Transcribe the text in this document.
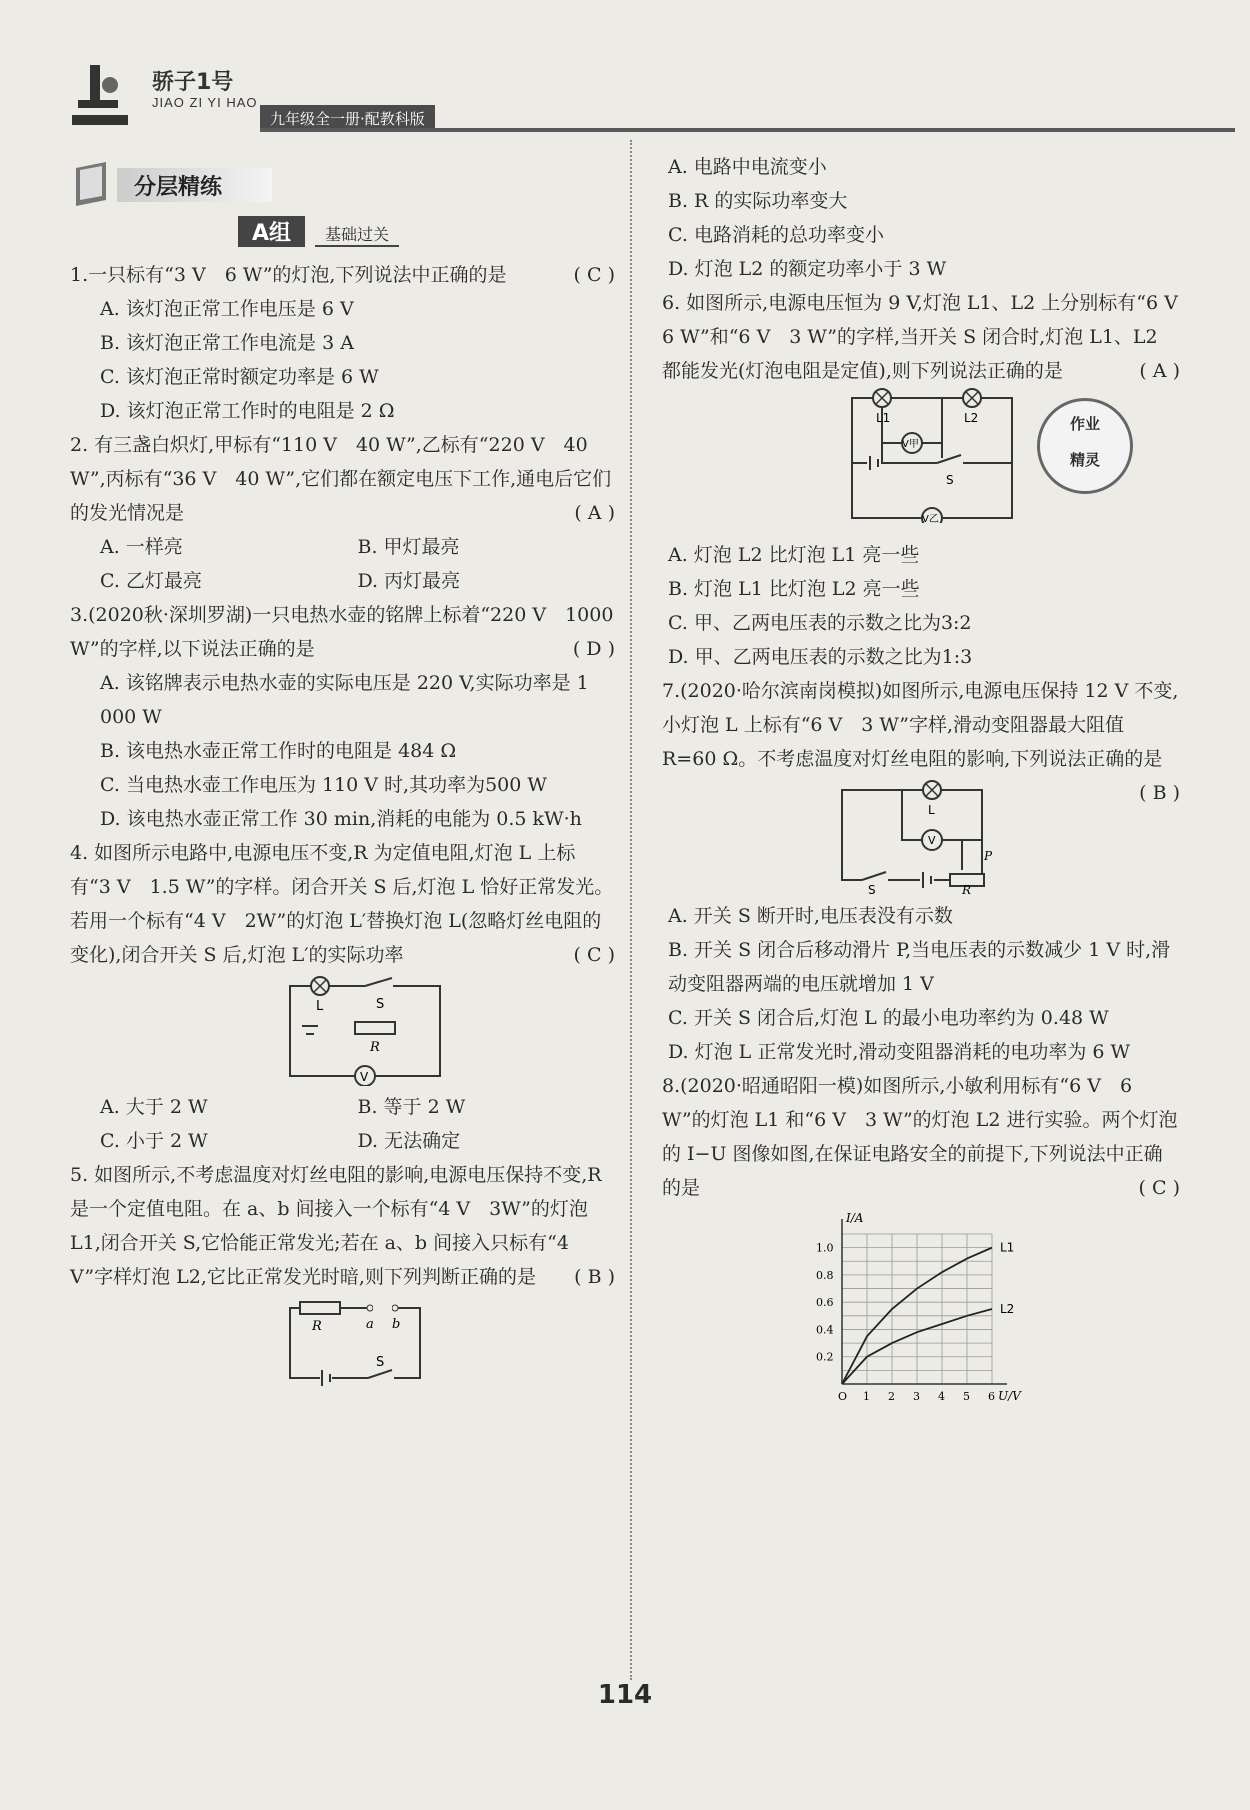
骄子1号
JIAO ZI YI HAO
九年级全一册·配教科版
分层精练
A组 基础过关

1.一只标有“3 V　6 W”的灯泡,下列说法中正确的是	( C )

A. 该灯泡正常工作电压是 6 V

B. 该灯泡正常工作电流是 3 A

C. 该灯泡正常时额定功率是 6 W

D. 该灯泡正常工作时的电阻是 2 Ω

2. 有三盏白炽灯,甲标有“110 V　40 W”,乙标有“220 V　40 W”,丙标有“36 V　40 W”,它们都在额定电压下工作,通电后它们的发光情况是	( A )

A. 一样亮	B. 甲灯最亮
C. 乙灯最亮	D. 丙灯最亮

3.(2020秋·深圳罗湖)一只电热水壶的铭牌上标着“220 V　1000 W”的字样,以下说法正确的是	( D )

A. 该铭牌表示电热水壶的实际电压是 220 V,实际功率是 1 000 W

B. 该电热水壶正常工作时的电阻是 484 Ω

C. 当电热水壶工作电压为 110 V 时,其功率为500 W

D. 该电热水壶正常工作 30 min,消耗的电能为 0.5 kW·h

4. 如图所示电路中,电源电压不变,R 为定值电阻,灯泡 L 上标有“3 V　1.5 W”的字样。闭合开关 S 后,灯泡 L 恰好正常发光。若用一个标有“4 V　2W”的灯泡 L′替换灯泡 L(忽略灯丝电阻的变化),闭合开关 S 后,灯泡 L′的实际功率	( C )

L	S
R
V
A. 大于 2 W	B. 等于 2 W
C. 小于 2 W	D. 无法确定

5. 如图所示,不考虑温度对灯丝电阻的影响,电源电压保持不变,R 是一个定值电阻。在 a、b 间接入一个标有“4 V　3W”的灯泡 L1,闭合开关 S,它恰能正常发光;若在 a、b 间接入只标有“4 V”字样灯泡 L2,它比正常发光时暗,则下列判断正确的是 ( B )

R	a b
S

A. 电路中电流变小

B. R 的实际功率变大

C. 电路消耗的总功率变小

D. 灯泡 L2 的额定功率小于 3 W

6. 如图所示,电源电压恒为 9 V,灯泡 L1、L2 上分别标有“6 V　6 W”和“6 V　3 W”的字样,当开关 S 闭合时,灯泡 L1、L2 都能发光(灯泡电阻是定值),则下列说法正确的是	( A )

L1	L2
V甲
V乙
S
作业
精灵

A. 灯泡 L2 比灯泡 L1 亮一些

B. 灯泡 L1 比灯泡 L2 亮一些

C. 甲、乙两电压表的示数之比为3:2

D. 甲、乙两电压表的示数之比为1:3

7.(2020·哈尔滨南岗模拟)如图所示,电源电压保持 12 V 不变,小灯泡 L 上标有“6 V　3 W”字样,滑动变阻器最大阻值 R=60 Ω。不考虑温度对灯丝电阻的影响,下列说法正确的是
( B )

L
V
P
S	R

A. 开关 S 断开时,电压表没有示数

B. 开关 S 闭合后移动滑片 P,当电压表的示数减少 1 V 时,滑动变阻器两端的电压就增加 1 V

C. 开关 S 闭合后,灯泡 L 的最小电功率约为 0.48 W

D. 灯泡 L 正常发光时,滑动变阻器消耗的电功率为 6 W

8.(2020·昭通昭阳一模)如图所示,小敏利用标有“6 V　6 W”的灯泡 L1 和“6 V　3 W”的灯泡 L2 进行实验。两个灯泡的 I−U 图像如图,在保证电路安全的前提下,下列说法中正确的是	( C )

O 1 2 3 4 5 6
0.2
0.4
0.6
0.8
1.0
I/A
U/V
L1
L2
114
